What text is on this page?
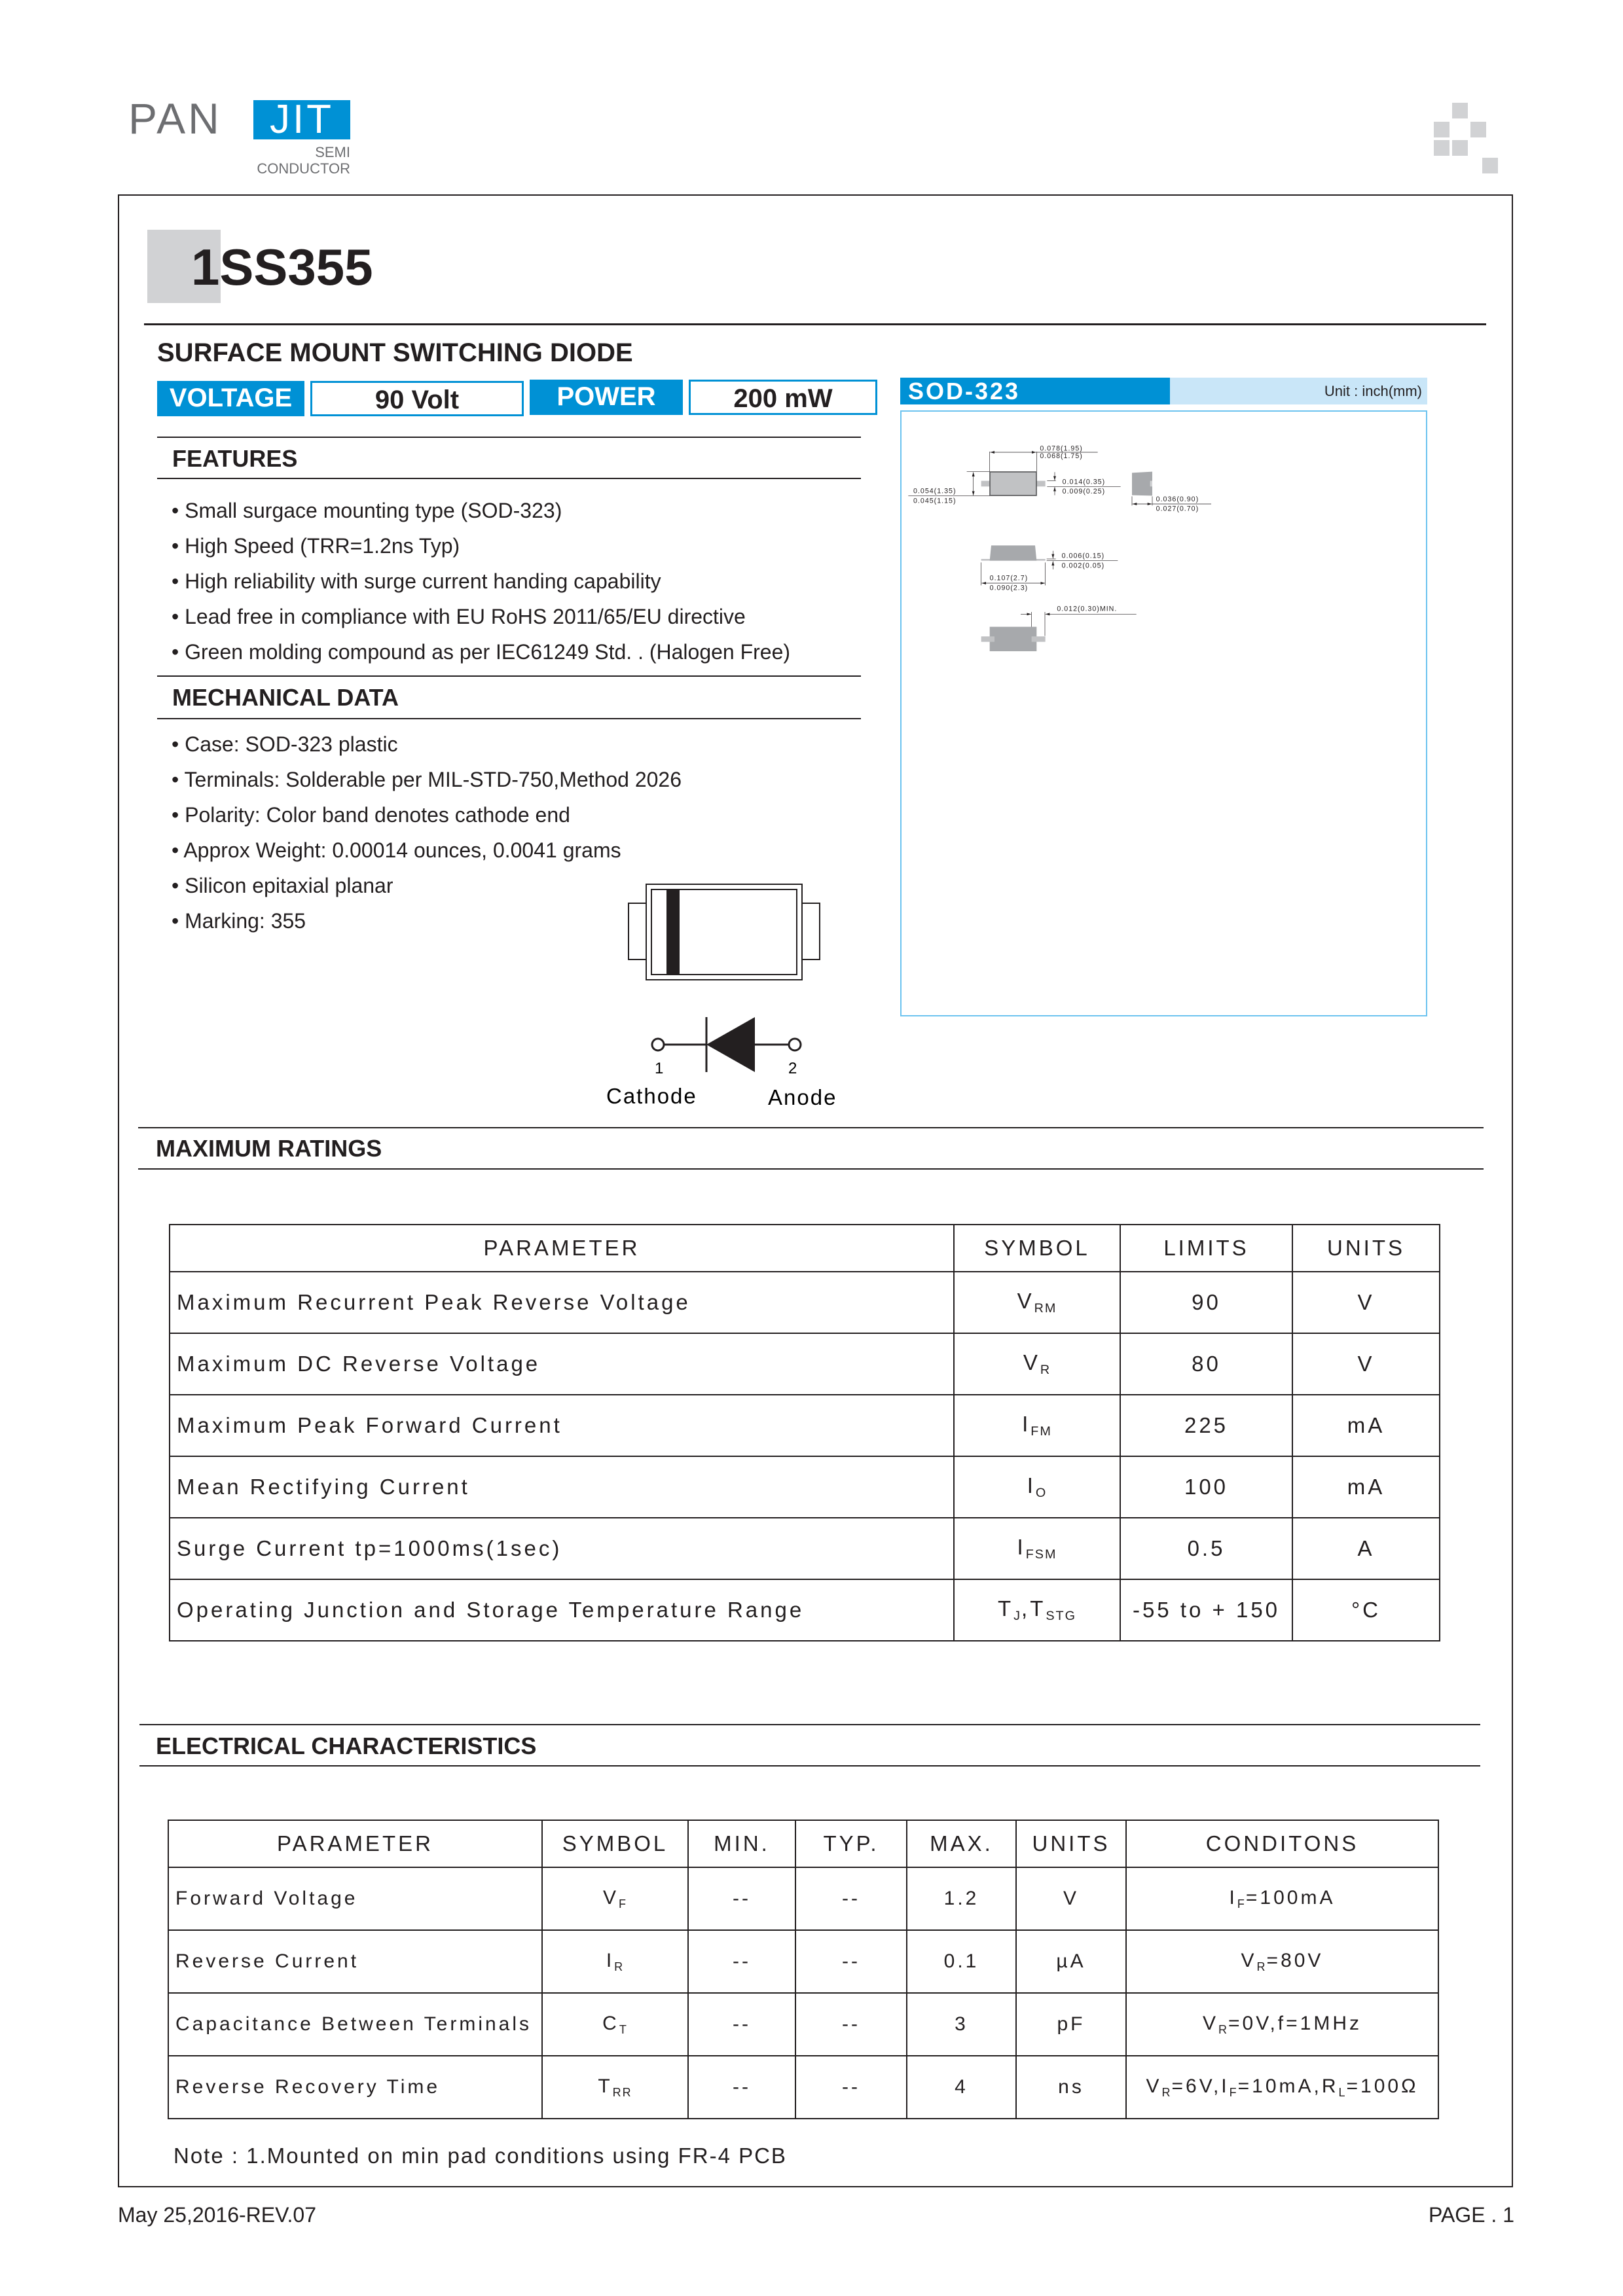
PAN	JIT
SEMI
CONDUCTOR
1SS355
SURFACE MOUNT SWITCHING DIODE
VOLTAGE	90 Volt	POWER	200 mW	SOD-323	Unit : inch(mm)
0.078(1.95)
0.068(1.75)
0.054(1.35)
0.045(1.15)
0.014(0.35)
0.009(0.25)
0.036(0.90)
0.027(0.70)
0.006(0.15)
0.002(0.05)
0.107(2.7)
0.090(2.3)
0.012(0.30)MIN.
FEATURES
• Small surgace mounting type (SOD-323)
• High Speed (TRR=1.2ns Typ)
• High reliability with surge current handing capability
• Lead free in compliance with EU RoHS 2011/65/EU directive
• Green molding compound as per IEC61249 Std. . (Halogen Free)
MECHANICAL DATA
• Case: SOD-323 plastic
• Terminals: Solderable per MIL-STD-750,Method 2026
• Polarity: Color band denotes cathode end
• Approx Weight: 0.00014 ounces, 0.0041 grams
• Silicon epitaxial planar
• Marking: 355
1	2
Cathode	Anode
MAXIMUM RATINGS
PARAMETER	SYMBOL	LIMITS	UNITS
Maximum Recurrent Peak Reverse Voltage	$V_{RM}$	90	V
Maximum DC Reverse Voltage	$V_R$	80	V
Maximum Peak Forward Current	$I_{FM}$	225	mA
Mean Rectifying Current	$I_O$	100	mA
Surge Current tp=1000ms(1sec)	$I_{FSM}$	0.5	A
Operating Junction and Storage Temperature Range	$T_J,T_{STG}$	-55 to + 150	°C
ELECTRICAL CHARACTERISTICS
PARAMETER	SYMBOL	MIN.	TYP.	MAX.	UNITS	CONDITONS
Forward Voltage	$V_F$	--	--	1.2	V	$I_F=100mA$
Reverse Current	$I_R$	--	--	0.1	µA	$V_R=80V$
Capacitance Between Terminals	$C_T$	--	--	3	pF	$V_R=0V,f=1MHz$
Reverse Recovery Time	$T_{RR}$	--	--	4	ns	$V_R=6V,I_F=10mA,R_L=100\Omega$
Note : 1.Mounted on min pad conditions using FR-4 PCB
May 25,2016-REV.07	PAGE . 1
